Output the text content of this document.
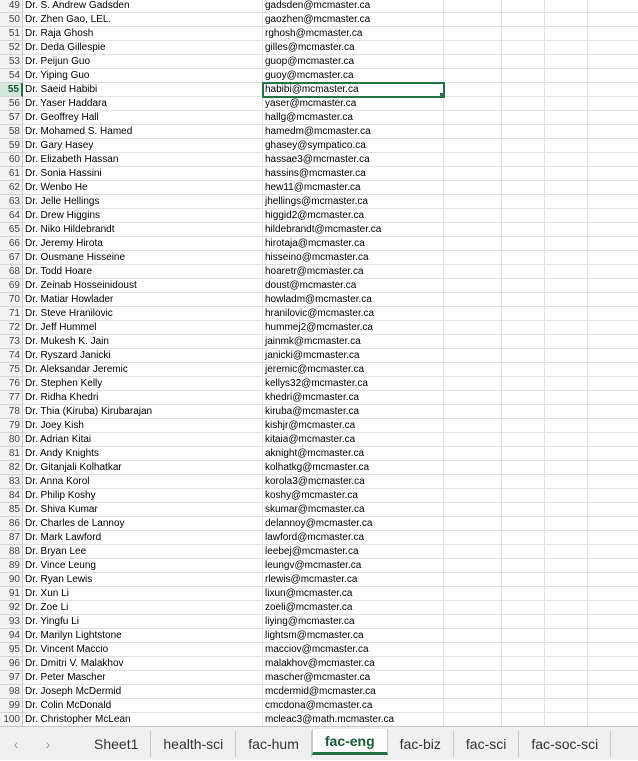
49 Dr. S. Andrew Gadsden	gadsden@mcmaster.ca
50 Dr. Zhen Gao, LEL.	gaozhen@mcmaster.ca
51 Dr. Raja Ghosh	rghosh@mcmaster.ca
52 Dr. Deda Gillespie	gilles@mcmaster.ca
53 Dr. Peijun Guo	guop@mcmaster.ca
54 Dr. Yiping Guo	guoy@mcmaster.ca
55 Dr. Saeid Habibi	habibi@mcmaster.ca
56 Dr. Yaser Haddara	yaser@mcmaster.ca
57 Dr. Geoffrey Hall	hallg@mcmaster.ca
58 Dr. Mohamed S. Hamed	hamedm@mcmaster.ca
59 Dr. Gary Hasey	ghasey@sympatico.ca
60 Dr. Elizabeth Hassan	hassae3@mcmaster.ca
61 Dr. Sonia Hassini	hassins@mcmaster.ca
62 Dr. Wenbo He	hew11@mcmaster.ca
63 Dr. Jelle Hellings	jhellings@mcmaster.ca
64 Dr. Drew Higgins	higgid2@mcmaster.ca
65 Dr. Niko Hildebrandt	hildebrandt@mcmaster.ca
66 Dr. Jeremy Hirota	hirotaja@mcmaster.ca
67 Dr. Ousmane Hisseine	hisseino@mcmaster.ca
68 Dr. Todd Hoare	hoaretr@mcmaster.ca
69 Dr. Zeinab Hosseinidoust	doust@mcmaster.ca
70 Dr. Matiar Howlader	howladm@mcmaster.ca
71 Dr. Steve Hranilovic	hranilovic@mcmaster.ca
72 Dr. Jeff Hummel	hummej2@mcmaster.ca
73 Dr. Mukesh K. Jain	jainmk@mcmaster.ca
74 Dr. Ryszard Janicki	janicki@mcmaster.ca
75 Dr. Aleksandar Jeremic	jeremic@mcmaster.ca
76 Dr. Stephen Kelly	kellys32@mcmaster.ca
77 Dr. Ridha Khedri	khedri@mcmaster.ca
78 Dr. Thia (Kiruba) Kirubarajan	kiruba@mcmaster.ca
79 Dr. Joey Kish	kishjr@mcmaster.ca
80 Dr. Adrian Kitai	kitaia@mcmaster.ca
81 Dr. Andy Knights	aknight@mcmaster.ca
82 Dr. Gitanjali Kolhatkar	kolhatkg@mcmaster.ca
83 Dr. Anna Korol	korola3@mcmaster.ca
84 Dr. Philip Koshy	koshy@mcmaster.ca
85 Dr. Shiva Kumar	skumar@mcmaster.ca
86 Dr. Charles de Lannoy	delannoy@mcmaster.ca
87 Dr. Mark Lawford	lawford@mcmaster.ca
88 Dr. Bryan Lee	leebej@mcmaster.ca
89 Dr. Vince Leung	leungv@mcmaster.ca
90 Dr. Ryan Lewis	rlewis@mcmaster.ca
91 Dr. Xun Li	lixun@mcmaster.ca
92 Dr. Zoe Li	zoeli@mcmaster.ca
93 Dr. Yingfu Li	liying@mcmaster.ca
94 Dr. Marilyn Lightstone	lightsm@mcmaster.ca
95 Dr. Vincent Maccio	macciov@mcmaster.ca
96 Dr. Dmitri V. Malakhov	malakhov@mcmaster.ca
97 Dr. Peter Mascher	mascher@mcmaster.ca
98 Dr. Joseph McDermid	mcdermid@mcmaster.ca
99 Dr. Colin McDonald	cmcdona@mcmaster.ca
100 Dr. Christopher McLean	mcleac3@math.mcmaster.ca
‹	›	Sheet1	health-sci	fac-hum	fac-eng	fac-biz	fac-sci	fac-soc-sci
